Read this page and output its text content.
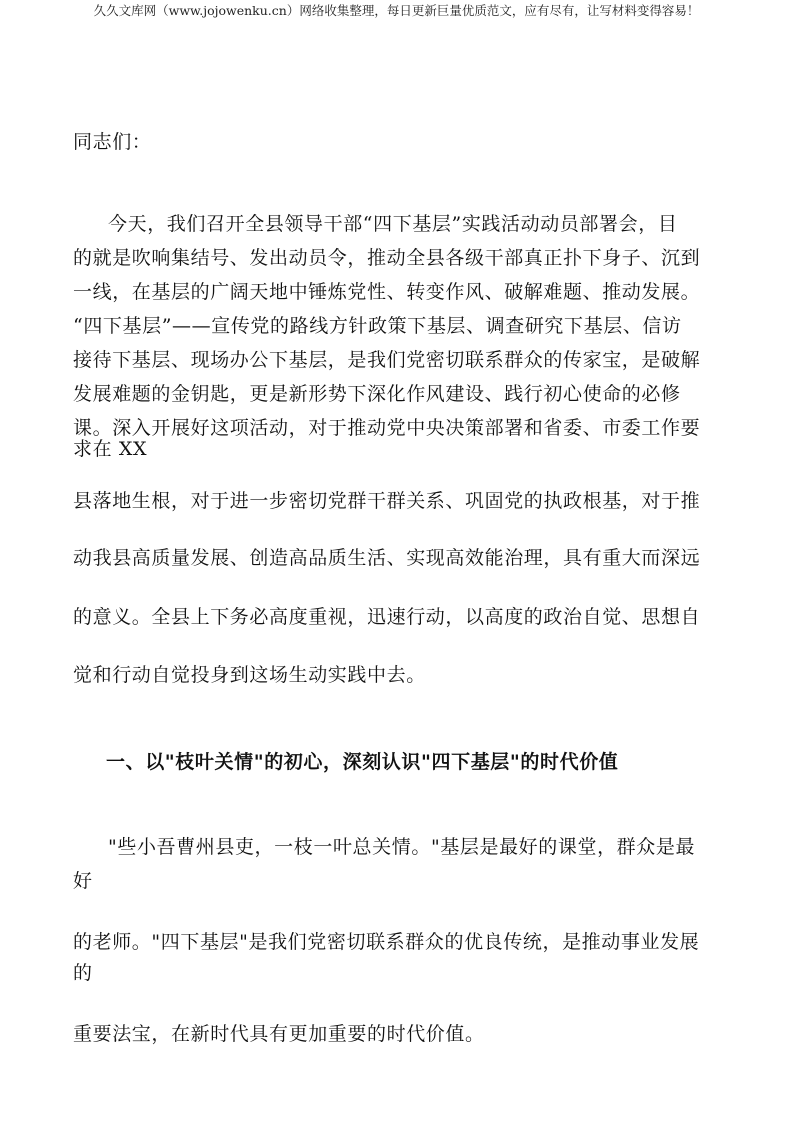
久久文库网（www.jojowenku.cn）网络收集整理，每日更新巨量优质范文，应有尽有，让写材料变得容易！
同志们：
今天，我们召开全县领导干部“四下基层”实践活动动员部署会，目
的就是吹响集结号、发出动员令，推动全县各级干部真正扑下身子、沉到
一线，在基层的广阔天地中锤炼党性、转变作风、破解难题、推动发展。
“四下基层”——宣传党的路线方针政策下基层、调查研究下基层、信访
接待下基层、现场办公下基层，是我们党密切联系群众的传家宝，是破解
发展难题的金钥匙，更是新形势下深化作风建设、践行初心使命的必修
课。深入开展好这项活动，对于推动党中央决策部署和省委、市委工作要
求在 XX
县落地生根，对于进一步密切党群干群关系、巩固党的执政根基，对于推
动我县高质量发展、创造高品质生活、实现高效能治理，具有重大而深远
的意义。全县上下务必高度重视，迅速行动，以高度的政治自觉、思想自
觉和行动自觉投身到这场生动实践中去。
一、以"枝叶关情"的初心，深刻认识"四下基层"的时代价值
"些小吾曹州县吏，一枝一叶总关情。"基层是最好的课堂，群众是最
好
的老师。"四下基层"是我们党密切联系群众的优良传统，是推动事业发展
的
重要法宝，在新时代具有更加重要的时代价值。
